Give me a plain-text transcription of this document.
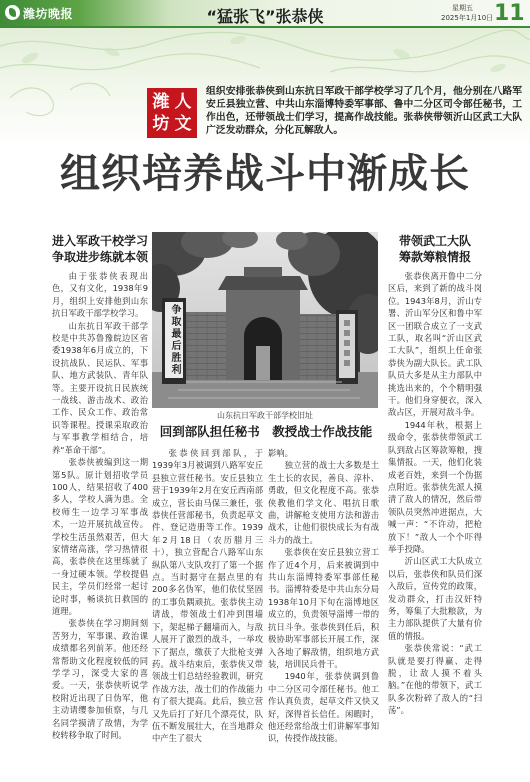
潍坊晚报	“猛张飞”张恭侠	星期五
2025年1月10日 11
潍 人
坊 文
组织安排张恭侠到山东抗日军政干部学校学习了几个月，他分别在八路军安丘县独立营、中共山东淄博特委军事部、鲁中二分区司令部任秘书，工作出色，还带领战士们学习，提高作战技能。张恭侠带领沂山区武工大队广泛发动群众，分化瓦解敌人。
组织培养战斗中渐成长
进入军政干校学习
争取进步练就本领

由于张恭侠表现出色，又有文化，1938年9月，组织上安排他到山东抗日军政干部学校学习。

山东抗日军政干部学校是中共苏鲁豫皖边区省委1938年6月成立的，下设抗战队、民运队、军事队、地方武装队、青年队等。主要开设抗日民族统一战线、游击战术、政治工作、民众工作、政治常识等课程。授课采取政治与军事教学相结合，培养“革命干部”。

张恭侠被编到这一期第5队。原计划招收学员100人，结果招收了400多人，学校人满为患。全校师生一边学习军事战术，一边开展抗战宣传。学校生活虽然艰苦，但大家情绪高涨，学习热情很高，张恭侠在这里练就了一身过硬本领。学校提倡民主，学员们经常一起讨论时事，畅谈抗日救国的道理。

张恭侠在学习期间刻苦努力，军事课、政治课成绩都名列前茅。他还经常帮助文化程度较低的同学学习，深受大家的喜爱。一天，张恭侠听说学校附近出现了日伪军，他主动请缨参加侦察，与几名同学摸清了敌情，为学校转移争取了时间。

争取最后胜利
山东抗日军政干部学校旧址
回到部队担任秘书　教授战士作战技能

张恭侠回到部队，于1939年3月被调到八路军安丘县独立营任秘书。安丘县独立营于1939年2月在安丘西南部成立，营长由马保三兼任，张恭侠任营部秘书，负责起草文件、登记造册等工作。1939年2月18日（农历腊月三十），独立营配合八路军山东纵队第八支队攻打了第一个据点。当时据守在据点里的有200多名伪军，他们依仗坚固的工事负隅顽抗。张恭侠主动请战，带领战士们冲到围墙下，架起梯子翻墙而入，与敌人展开了激烈的战斗，一举攻下了据点，缴获了大批枪支弹药。战斗结束后，张恭侠又带领战士们总结经验教训，研究作战方法，战士们的作战能力有了很大提高。此后，独立营又先后打了好几个漂亮仗，队伍不断发展壮大，在当地群众中产生了很大

影响。

独立营的战士大多数是土生土长的农民，善良、淳朴、勇敢，但文化程度不高。张恭侠教他们学文化、唱抗日歌曲，讲解枪支使用方法和游击战术，让他们很快成长为有战斗力的战士。

张恭侠在安丘县独立营工作了近4个月，后来被调到中共山东淄博特委军事部任秘书。淄博特委是中共山东分局1938年10月下旬在淄博地区成立的，负责领导淄博一带的抗日斗争。张恭侠到任后，积极协助军事部长开展工作，深入各地了解敌情，组织地方武装，培训民兵骨干。

1940年，张恭侠调到鲁中二分区司令部任秘书。他工作认真负责，起草文件又快又好，深得首长信任。闲暇时，他还经常给战士们讲解军事知识，传授作战技能。

带领武工大队
筹款筹粮情报

张恭侠离开鲁中二分区后，来到了新的战斗岗位。1943年8月，沂山专署、沂山军分区和鲁中军区一团联合成立了一支武工队，取名叫“沂山区武工大队”，组织上任命张恭侠为副大队长。武工队队员大多是从主力部队中挑选出来的，个个精明强干。他们身穿便衣，深入敌占区，开展对敌斗争。

1944年秋，根据上级命令，张恭侠带领武工队到敌占区筹款筹粮，搜集情报。一天，他们化装成老百姓，来到一个伪据点附近。张恭侠先派人摸清了敌人的情况，然后带领队员突然冲进据点，大喊一声：“不许动，把枪放下！”敌人一个个吓得举手投降。

沂山区武工大队成立以后，张恭侠和队员们深入敌后，宣传党的政策，发动群众，打击汉奸特务，筹集了大批粮款，为主力部队提供了大量有价值的情报。

张恭侠常说：“武工队就是要打得赢、走得脱，让敌人摸不着头脑。”在他的带领下，武工队多次粉碎了敌人的“扫荡”。
